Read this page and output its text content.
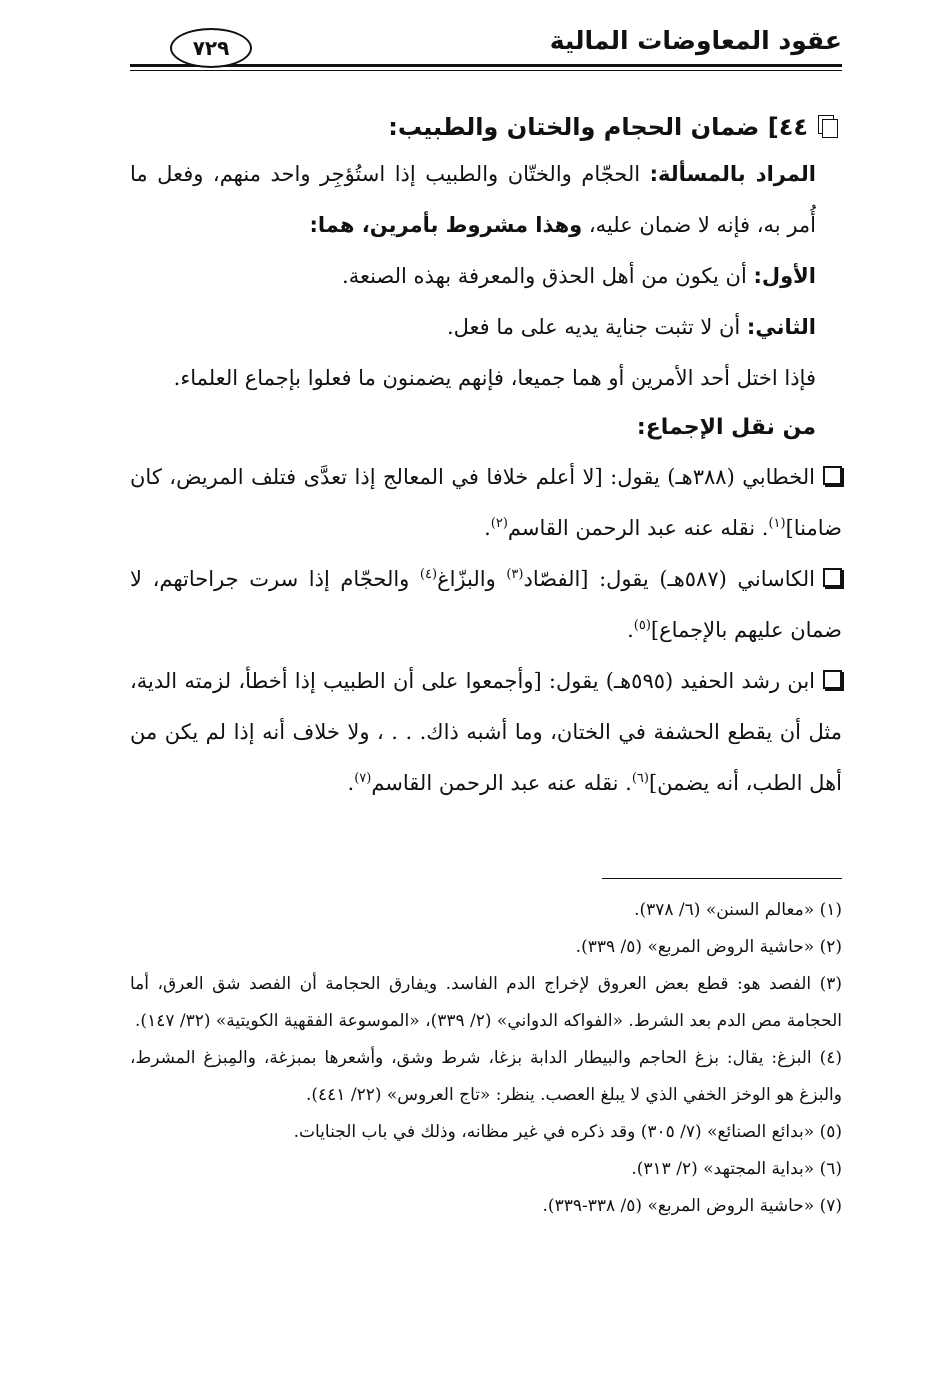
عقود المعاوضات المالية
٧٢٩
٤٤] ضمان الحجام والختان والطبيب:

المراد بالمسألة: الحجّام والختّان والطبيب إذا استُؤجِر واحد منهم، وفعل ما أُمر به، فإنه لا ضمان عليه، وهذا مشروط بأمرين، هما:

الأول: أن يكون من أهل الحذق والمعرفة بهذه الصنعة.

الثاني: أن لا تثبت جناية يديه على ما فعل.

فإذا اختل أحد الأمرين أو هما جميعا، فإنهم يضمنون ما فعلوا بإجماع العلماء.

من نقل الإجماع:

الخطابي (٣٨٨هـ) يقول: [لا أعلم خلافا في المعالج إذا تعدَّى فتلف المريض، كان ضامنا]$^{(١)}$. نقله عنه عبد الرحمن القاسم$^{(٢)}$.

الكاساني (٥٨٧هـ) يقول: [الفصّاد$^{(٣)}$ والبزّاغ$^{(٤)}$ والحجّام إذا سرت جراحاتهم، لا ضمان عليهم بالإجماع]$^{(٥)}$.

ابن رشد الحفيد (٥٩٥هـ) يقول: [وأجمعوا على أن الطبيب إذا أخطأ، لزمته الدية، مثل أن يقطع الحشفة في الختان، وما أشبه ذاك. . . ، ولا خلاف أنه إذا لم يكن من أهل الطب، أنه يضمن]$^{(٦)}$. نقله عنه عبد الرحمن القاسم$^{(٧)}$.

(١) «معالم السنن» (٦/ ٣٧٨).

(٢) «حاشية الروض المربع» (٥/ ٣٣٩).

(٣) الفصد هو: قطع بعض العروق لإخراج الدم الفاسد. ويفارق الحجامة أن الفصد شق العرق، أما الحجامة مص الدم بعد الشرط. «الفواكه الدواني» (٢/ ٣٣٩)، «الموسوعة الفقهية الكويتية» (٣٢/ ١٤٧).

(٤) البزغ: يقال: بزغ الحاجم والبيطار الدابة بزغا، شرط وشق، وأشعرها بمبزغة، والمِبزغ المشرط، والبزغ هو الوخز الخفي الذي لا يبلغ العصب. ينظر: «تاج العروس» (٢٢/ ٤٤١).

(٥) «بدائع الصنائع» (٧/ ٣٠٥) وقد ذكره في غير مظانه، وذلك في باب الجنايات.

(٦) «بداية المجتهد» (٢/ ٣١٣).

(٧) «حاشية الروض المربع» (٥/ ٣٣٨-٣٣٩).
